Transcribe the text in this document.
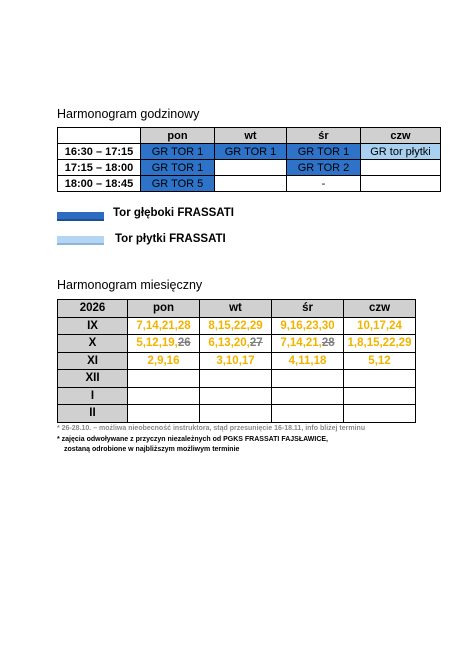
Harmonogram godzinowy
	pon	wt	śr	czw
16:30 – 17:15	GR TOR 1	GR TOR 1	GR TOR 1	GR tor płytki
17:15 – 18:00	GR TOR 1		GR TOR 2	
18:00 – 18:45	GR TOR 5		-	
Tor głęboki FRASSATI
Tor płytki FRASSATI
Harmonogram miesięczny
2026	pon	wt	śr	czw
IX	7,14,21,28	8,15,22,29	9,16,23,30	10,17,24
X	5,12,19,26	6,13,20,27	7,14,21,28	1,8,15,22,29
XI	2,9,16	3,10,17	4,11,18	5,12
XII				
I				
II				
* 26-28.10. – możliwa nieobecność instruktora, stąd przesunięcie 16-18.11, info bliżej terminu
* zajęcia odwoływane z przyczyn niezależnych od PGKS FRASSATI FAJSŁAWICE,
zostaną odrobione w najbliższym możliwym terminie
